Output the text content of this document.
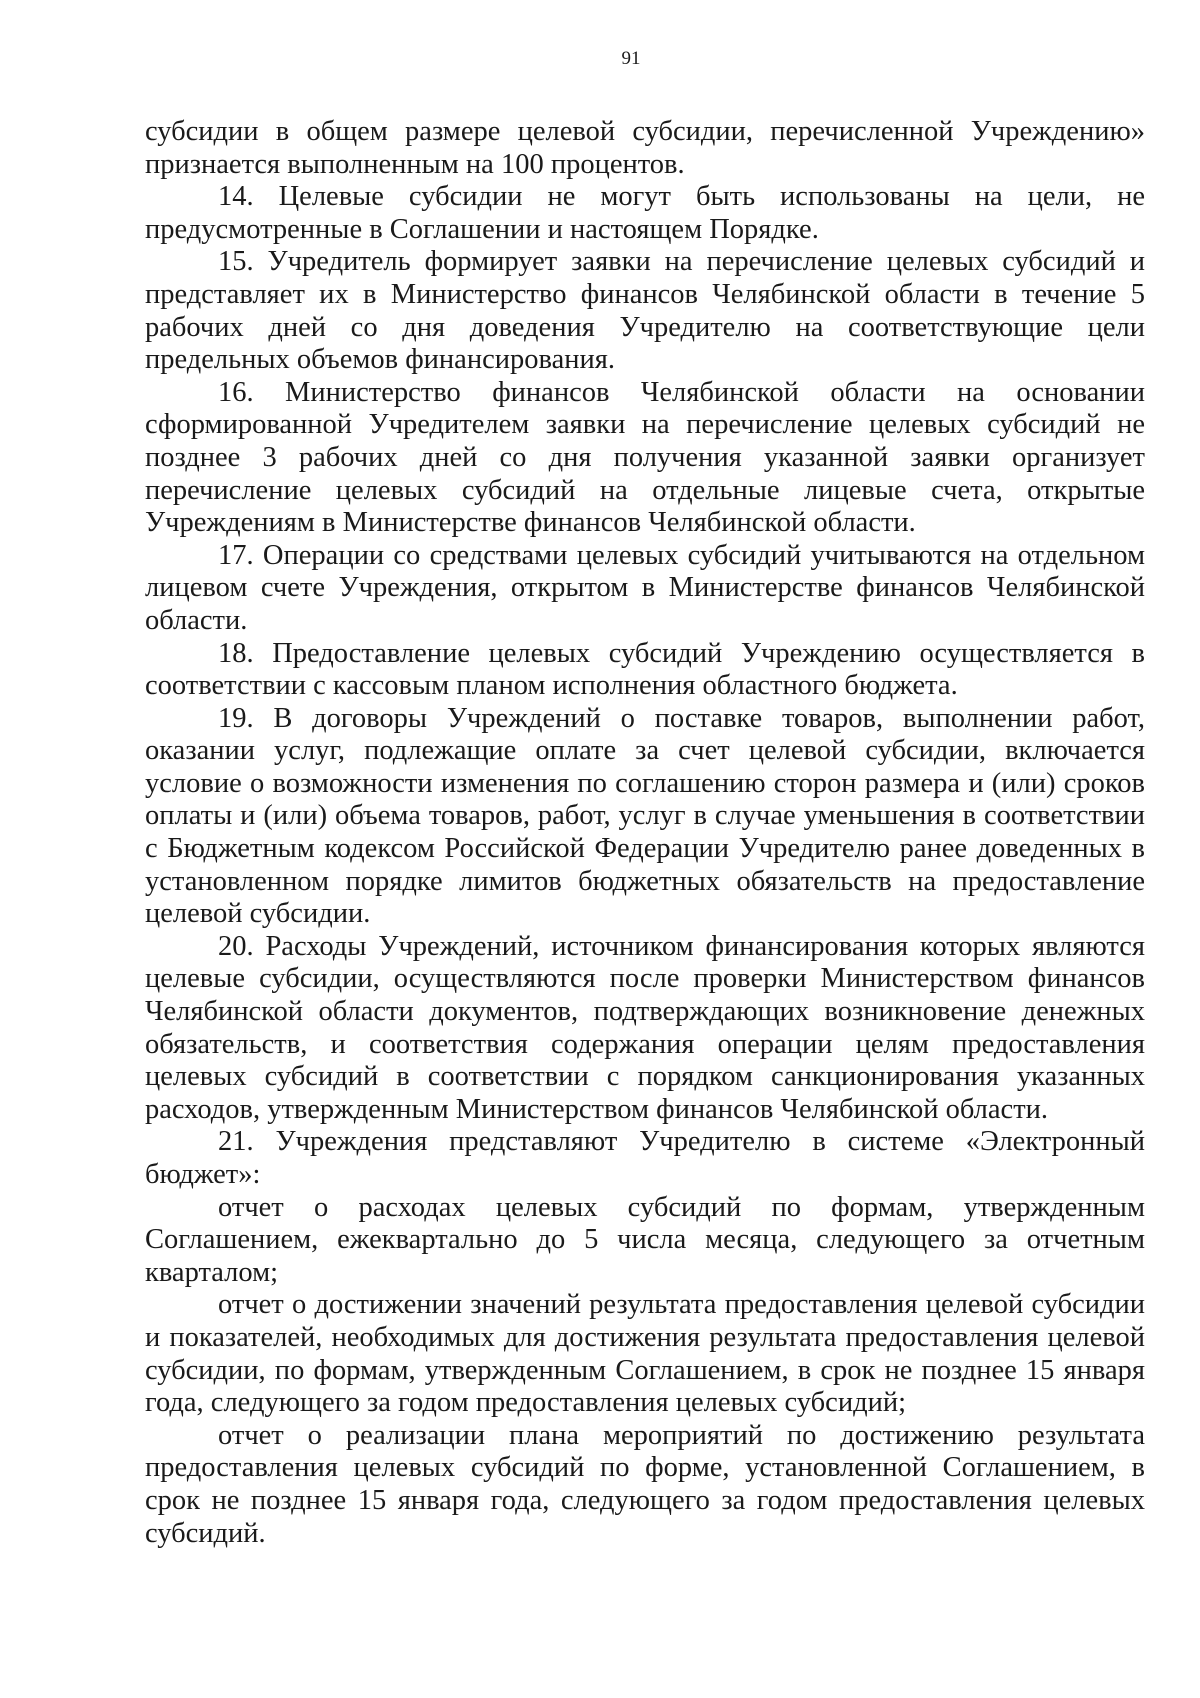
91

субсидии в общем размере целевой субсидии, перечисленной Учреждению» признается выполненным на 100 процентов.

14. Целевые субсидии не могут быть использованы на цели, не предусмотренные в Соглашении и настоящем Порядке.

15. Учредитель формирует заявки на перечисление целевых субсидий и представляет их в Министерство финансов Челябинской области в течение 5 рабочих дней со дня доведения Учредителю на соответствующие цели предельных объемов финансирования.

16. Министерство финансов Челябинской области на основании сформированной Учредителем заявки на перечисление целевых субсидий не позднее 3 рабочих дней со дня получения указанной заявки организует перечисление целевых субсидий на отдельные лицевые счета, открытые Учреждениям в Министерстве финансов Челябинской области.

17. Операции со средствами целевых субсидий учитываются на отдельном лицевом счете Учреждения, открытом в Министерстве финансов Челябинской области.

18. Предоставление целевых субсидий Учреждению осуществляется в соответствии с кассовым планом исполнения областного бюджета.

19. В договоры Учреждений о поставке товаров, выполнении работ, оказании услуг, подлежащие оплате за счет целевой субсидии, включается условие о возможности изменения по соглашению сторон размера и (или) сроков оплаты и (или) объема товаров, работ, услуг в случае уменьшения в соответствии с Бюджетным кодексом Российской Федерации Учредителю ранее доведенных в установленном порядке лимитов бюджетных обязательств на предоставление целевой субсидии.

20. Расходы Учреждений, источником финансирования которых являются целевые субсидии, осуществляются после проверки Министерством финансов Челябинской области документов, подтверждающих возникновение денежных обязательств, и соответствия содержания операции целям предоставления целевых субсидий в соответствии с порядком санкционирования указанных расходов, утвержденным Министерством финансов Челябинской области.

21. Учреждения представляют Учредителю в системе «Электронный бюджет»:

отчет о расходах целевых субсидий по формам, утвержденным Соглашением, ежеквартально до 5 числа месяца, следующего за отчетным кварталом;

отчет о достижении значений результата предоставления целевой субсидии и показателей, необходимых для достижения результата предоставления целевой субсидии, по формам, утвержденным Соглашением, в срок не позднее 15 января года, следующего за годом предоставления целевых субсидий;

отчет о реализации плана мероприятий по достижению результата предоставления целевых субсидий по форме, установленной Соглашением, в срок не позднее 15 января года, следующего за годом предоставления целевых субсидий.
